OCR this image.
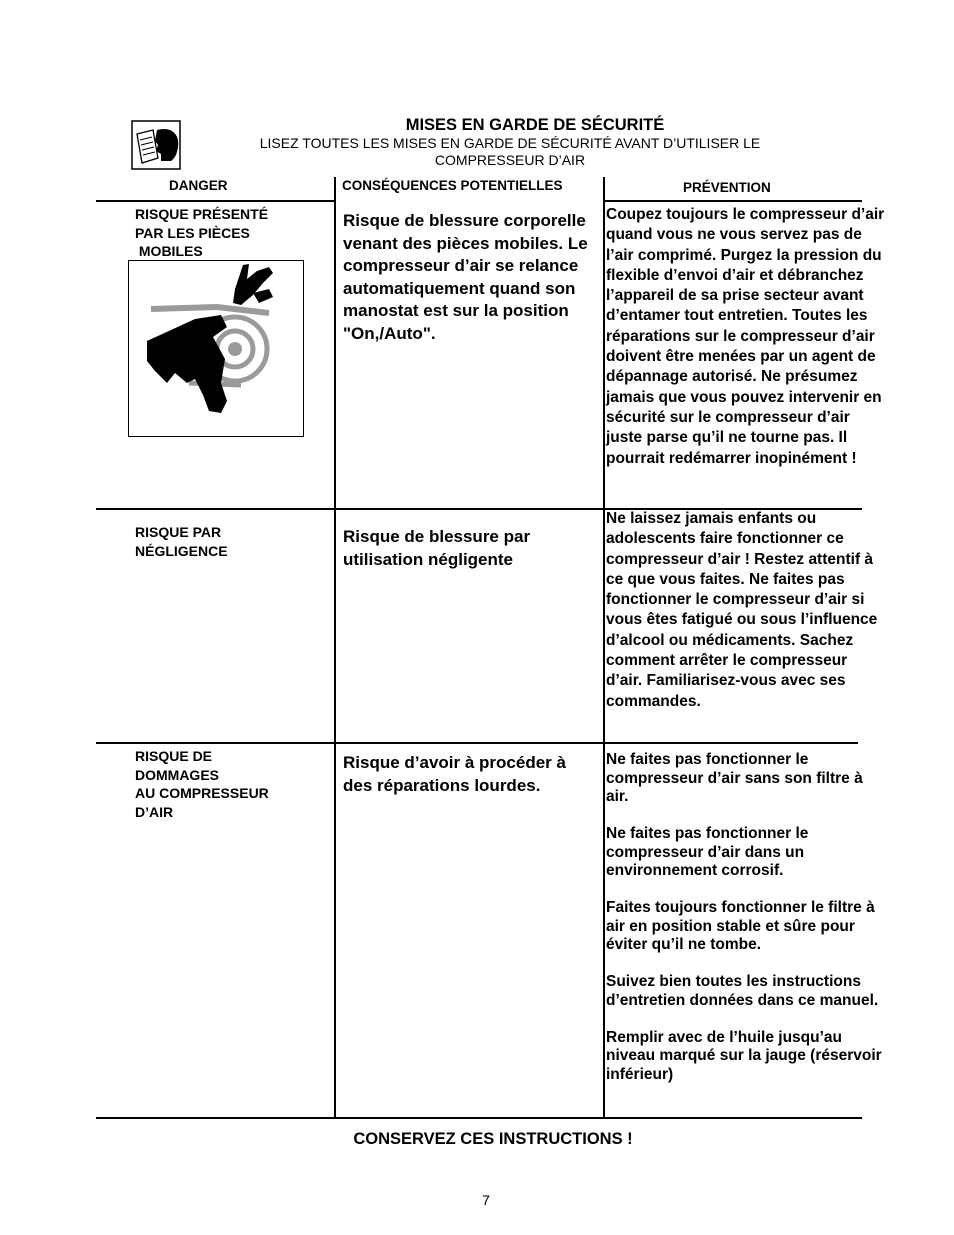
MISES EN GARDE DE SÉCURITÉ
LISEZ TOUTES LES MISES EN GARDE DE SÉCURITÉ AVANT D’UTILISER LE
COMPRESSEUR D’AIR
DANGER	CONSÉQUENCES POTENTIELLES	PRÉVENTION
RISQUE PRÉSENTÉ
PAR LES PIÈCES
MOBILES
Risque de blessure corporelle venant des pièces mobiles. Le compresseur d’air se relance automatiquement quand son manostat est sur la position "On,/Auto".
Coupez toujours le compresseur d’air quand vous ne vous servez pas de l’air comprimé. Purgez la pression du flexible d’envoi d’air et débranchez l’appareil de sa prise secteur avant d’entamer tout entretien. Toutes les réparations sur le compresseur d’air doivent être menées par un agent de dépannage autorisé. Ne présumez jamais que vous pouvez intervenir en sécurité sur le compresseur d’air juste parse qu’il ne tourne pas. Il pourrait redémarrer inopinément !
RISQUE PAR
NÉGLIGENCE
Risque de blessure par utilisation négligente
Ne laissez jamais enfants ou adolescents faire fonctionner ce compresseur d’air ! Restez attentif à ce que vous faites. Ne faites pas fonctionner le compresseur d’air si vous êtes fatigué ou sous l’influence d’alcool ou médicaments. Sachez comment arrêter le compresseur d’air. Familiarisez-vous avec ses commandes.
RISQUE DE
DOMMAGES
AU COMPRESSEUR
D’AIR
Risque d’avoir à procéder à des réparations lourdes.

Ne faites pas fonctionner le compresseur d’air sans son filtre à air.

Ne faites pas fonctionner le compresseur d’air dans un environnement corrosif.

Faites toujours fonctionner le filtre à air en position stable et sûre pour éviter qu’il ne tombe.

Suivez bien toutes les instructions d’entretien données dans ce manuel.

Remplir avec de l’huile jusqu’au niveau marqué sur la jauge (réservoir inférieur)

CONSERVEZ CES INSTRUCTIONS !
7
